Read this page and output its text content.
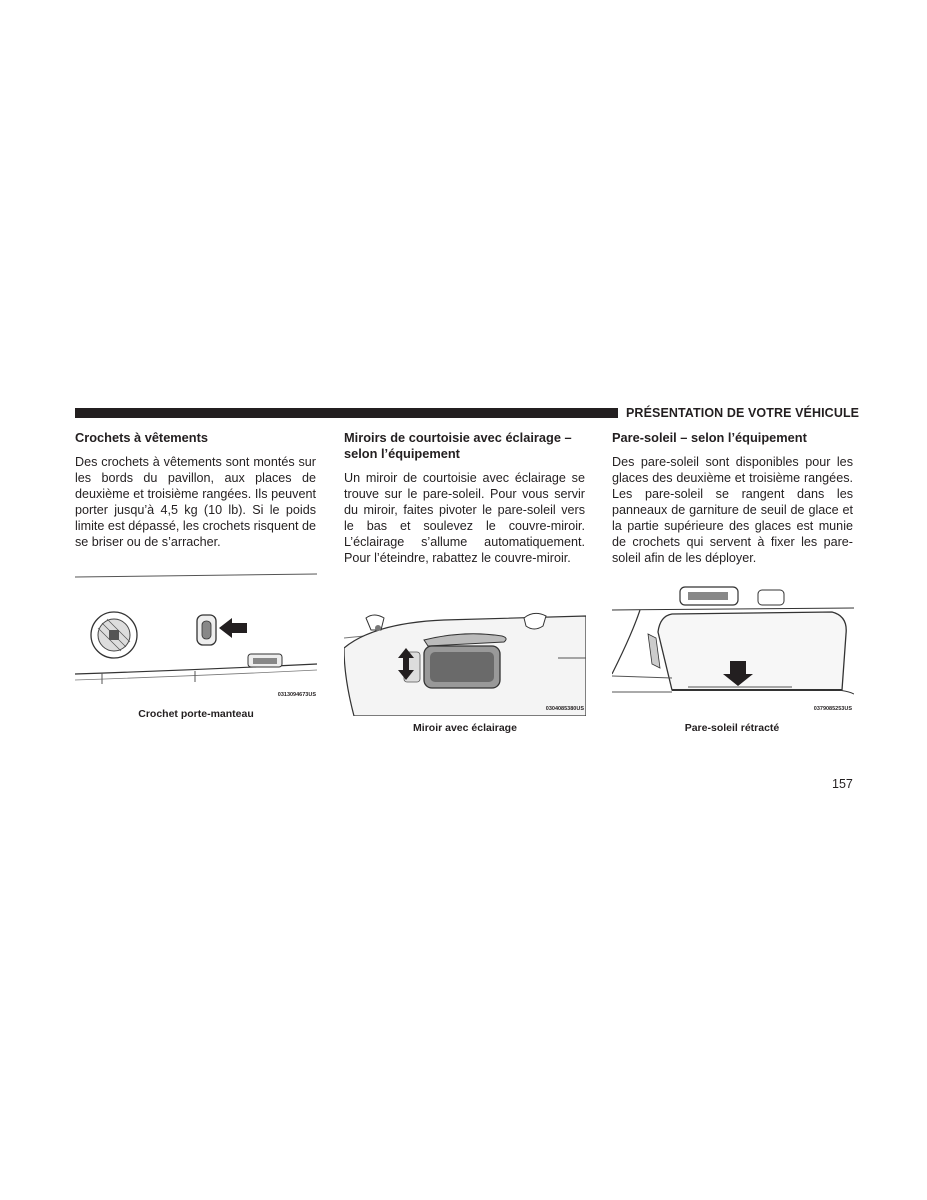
PRÉSENTATION DE VOTRE VÉHICULE
Crochets à vêtements

Des crochets à vêtements sont montés sur les bords du pavillon, aux places de deuxième et troisième rangées. Ils peuvent porter jusqu’à 4,5 kg (10 lb). Si le poids limite est dépassé, les crochets risquent de se briser ou de s’arracher.

Miroirs de courtoisie avec éclairage – selon l’équipement

Un miroir de courtoisie avec éclairage se trouve sur le pare-soleil. Pour vous servir du miroir, faites pivoter le pare-soleil vers le bas et soulevez le couvre-miroir. L’éclairage s’allume automatiquement. Pour l’éteindre, rabattez le couvre-miroir.

Pare-soleil – selon l’équipement

Des pare-soleil sont disponibles pour les glaces des deuxième et troisième rangées. Les pare-soleil se rangent dans les panneaux de garniture de seuil de glace et la partie supérieure des glaces est munie de crochets qui servent à fixer les pare-soleil afin de les déployer.

0313094673US
Crochet porte-manteau	0304085380US
Miroir avec éclairage
0379085253US
Pare-soleil rétracté
157
